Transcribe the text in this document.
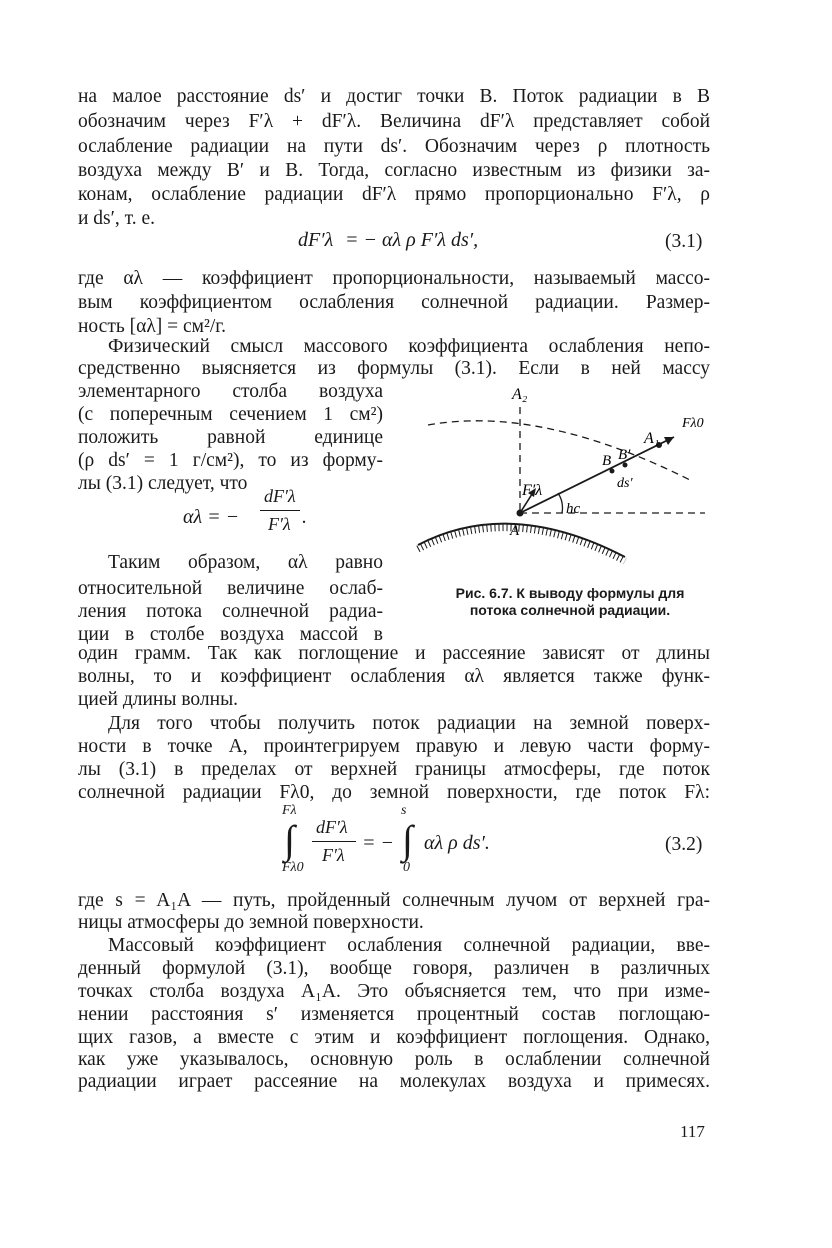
на малое расстояние ds′ и достиг точки B. Поток радиации в B
обозначим через F′λ + dF′λ. Величина dF′λ представляет собой
ослабление радиации на пути ds′. Обозначим через ρ плотность
воздуха между B′ и B. Тогда, согласно известным из физики за-
конам, ослабление радиации dF′λ прямо пропорционально F′λ, ρ
и ds′, т. е.
dF′λ = − αλ ρ F′λ ds′,	(3.1)
где αλ — коэффициент пропорциональности, называемый массо-
вым коэффициентом ослабления солнечной радиации. Размер-
ность [αλ] = см²/г.
Физический смысл массового коэффициента ослабления непо-
средственно выясняется из формулы (3.1). Если в ней массу
элементарного столба воздуха
(с поперечным сечением 1 см²)
положить равной единице
(ρ ds′ = 1 г/см²), то из форму-
лы (3.1) следует, что
αλ = −
dF′λ
F′λ .
Таким образом, αλ равно
относительной величине ослаб-
ления потока солнечной радиа-
ции в столбе воздуха массой в
один грамм. Так как поглощение и рассеяние зависят от длины
волны, то и коэффициент ослабления αλ является также функ-
цией длины волны.
Для того чтобы получить поток радиации на земной поверх-
ности в точке A, проинтегрируем правую и левую части форму-
лы (3.1) в пределах от верхней границы атмосферы, где поток
солнечной радиации Fλ0, до земной поверхности, где поток Fλ:
Fλ
∫
Fλ0
dF′λ
F′λ
= −
s
∫
0
αλ ρ ds′.	(3.2)
где s = A₁A — путь, пройденный солнечным лучом от верхней гра-
ницы атмосферы до земной поверхности.
Массовый коэффициент ослабления солнечной радиации, вве-
денный формулой (3.1), вообще говоря, различен в различных
точках столба воздуха A₁A. Это объясняется тем, что при изме-
нении расстояния s′ изменяется процентный состав поглощаю-
щих газов, а вместе с этим и коэффициент поглощения. Однако,
как уже указывалось, основную роль в ослаблении солнечной
радиации играет рассеяние на молекулах воздуха и примесях.
A₂
A₁
B′
B
ds′
Fλ0
F′λ
A
hc
Рис. 6.7. К выводу формулы для
потока солнечной радиации.
117
